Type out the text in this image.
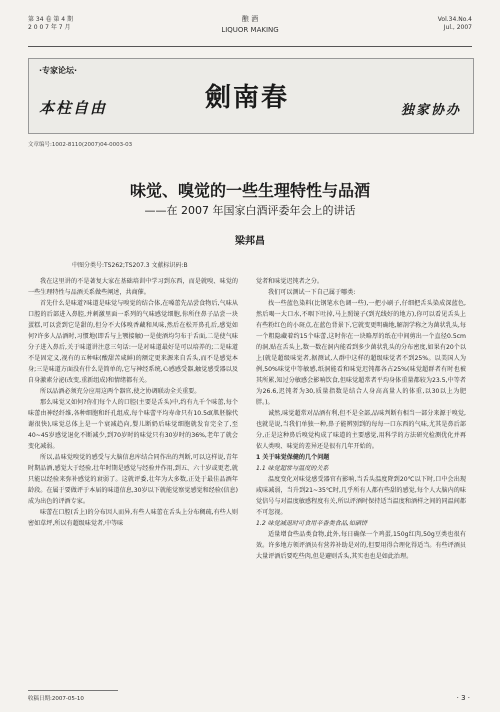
第 34 卷 第 4 期
2 0 0 7 年 7 月
酿 酒
LIQUOR MAKING
Vol.34.No.4
Jul., 2007
·专家论坛·
本柱自由	劍南春	独家协办
文章编号:1002-8110(2007)04-0003-03
味觉、嗅觉的一些生理特性与品酒
——在 2007 年国家白酒评委年会上的讲话
梁邦昌
中图分类号:TS262;TS207.3 文献标识码:B

我在这里讲的不是著复大家在基础培训中学习到东西，而是就嗅、味觉的一些生理特性与品酒关系做些阐述，共商催。

首先什么是味道?味道是味觉与嗅觉的结合体,在嗓蕾先品尝食物后,气味从口腔的后部进入鼻腔,并刺激里面一系列的气味感觉细胞,你所住鼻子品尝一块蛋糕,可以尝到它是甜的,但分不大体嗅香藏和风味,然后在松开鼻孔后,感觉如何?许多人品酒时,习惯地(即舌与上颚接触)一是使酒均匀布于舌面,二是使气味分子进入鼻后,关于味道讲注意三句话:一是对味道最好是可以培养的;二是味道不是固定义,视有的五种味(酸甜苦咸鲜)的额定更来源来自舌头,而不是感觉本身;三是味道方面没有什么是简单的,它与神经系统,心感感受器,触觉感受器以及自身激素分泌(改变,重新组成)和情绪都有关。

所以品酒必须充分应用这两个器官,使之协调联动全关重要。

那么味觉又如何?你们每个人的口腔(主要是舌头)中,约有九千个味蕾,每个味蕾由神经纤维,各种细胞和纤孔组成,每个味蕾平均寿命只有10.5d(肌胚腺代谢很快),味觉总体上是一个衰减趋向,婴儿断奶后味觉细胞就发育完全了,至40~45岁感觉退化不断减少,到70岁时的味觉只有30岁时的36%,老年了就会变化减弱。

所以,品味觉嗅觉的感受与大脑信息库结合同作出的判断,可以这样说,青年时期品酒,感觉大于经验,壮年时期是感觉与经验并作用,到五、六十岁或更老,就只能以经验来弥补感觉的衰弱了。这就评委,壮年为大多数,正处于最佳品酒年龄段。在属于要做评于本届的味道信息,30岁以下就能觉察觉感觉和经验(信息)成为出色的评酒专家。

味蕾在口腔(舌上)的分布因人而异,有些人味蕾在舌头上分布稠疏,有些人则密如草坪,所以有超级味觉者,中等味

觉者和味觉迟钝者之分。

我们可以测试一下自己属于哪类:

找一些蓝色染料(比钢笔水色调一些),一把小刷子,仔细把舌头染成深蓝色,然后喝一大口水,不咽下吐掉,马上照镜子(到光线好的地方),你可以看见舌头上有些粉红色的小斑点,在蓝色背景下,它就变更明确地,解剖学称之为菌状乳头,每一个粗隐藏着约15个味蕾,这时你在一块略厚的纸在中间剪出一个直径0.5cm的洞,贴在舌头上,数一数在洞内能看到多少菌状乳头的分布密度,如果有20个以上(就是超级味觉者,据测试,人群中这样的超级味觉者不到25%。以美国人为例,50%味觉中等敏感,纸洞能看和味觉迟钝都各占25%(味觉超群者有时也被其所累,知过分敏感会影响饮食,但味觉超常者平均身体重量都较为23.5,中等者为26.6,迟钝者为30,质量指数是结合人身高高量人的体重,以30以上为肥胖。)。

诚然,味觉超常对品酒有利,但不是全部,品味判断有相当一部分来源于嗅觉,也就是说,当我们单独一种,鼻子能辨别到的每每一口东西的气味,尤其是鼻后部分,正是这种鼻后嗅觉构成了味道的主要感觉,用科学的方法研究检测优化并再依人类嗅、味觉的差异还是很有几年开始的。

1 关于味觉保健的几个问题

1.1 味觉超常与温度的关系

温度变化对味觉感受器官有影响,当舌头温度降到20℃以下时,口中会出现咸味减弱，当升到21~35℃时,几乎所有人都有些甜的感觉,每个人大脑内的味觉信号与对温度敏感程度有关,所以评酒时保持适当温度和酒样之间的同温间都不可忽视。

1.2 味觉减退时可食用辛香类食品,如硒饼

适量增食些品类食物,此外,每日确保一个鸡蛋,150g红肉,50g豆类也很有效。许多地方领评酒员有营养补助是对的,但要用得合理化得适当。有些评酒员大量评酒后要吃些肉,但是避则舌头,其实也也是如此治理。

收稿日期:2007-05-10	· 3 ·
